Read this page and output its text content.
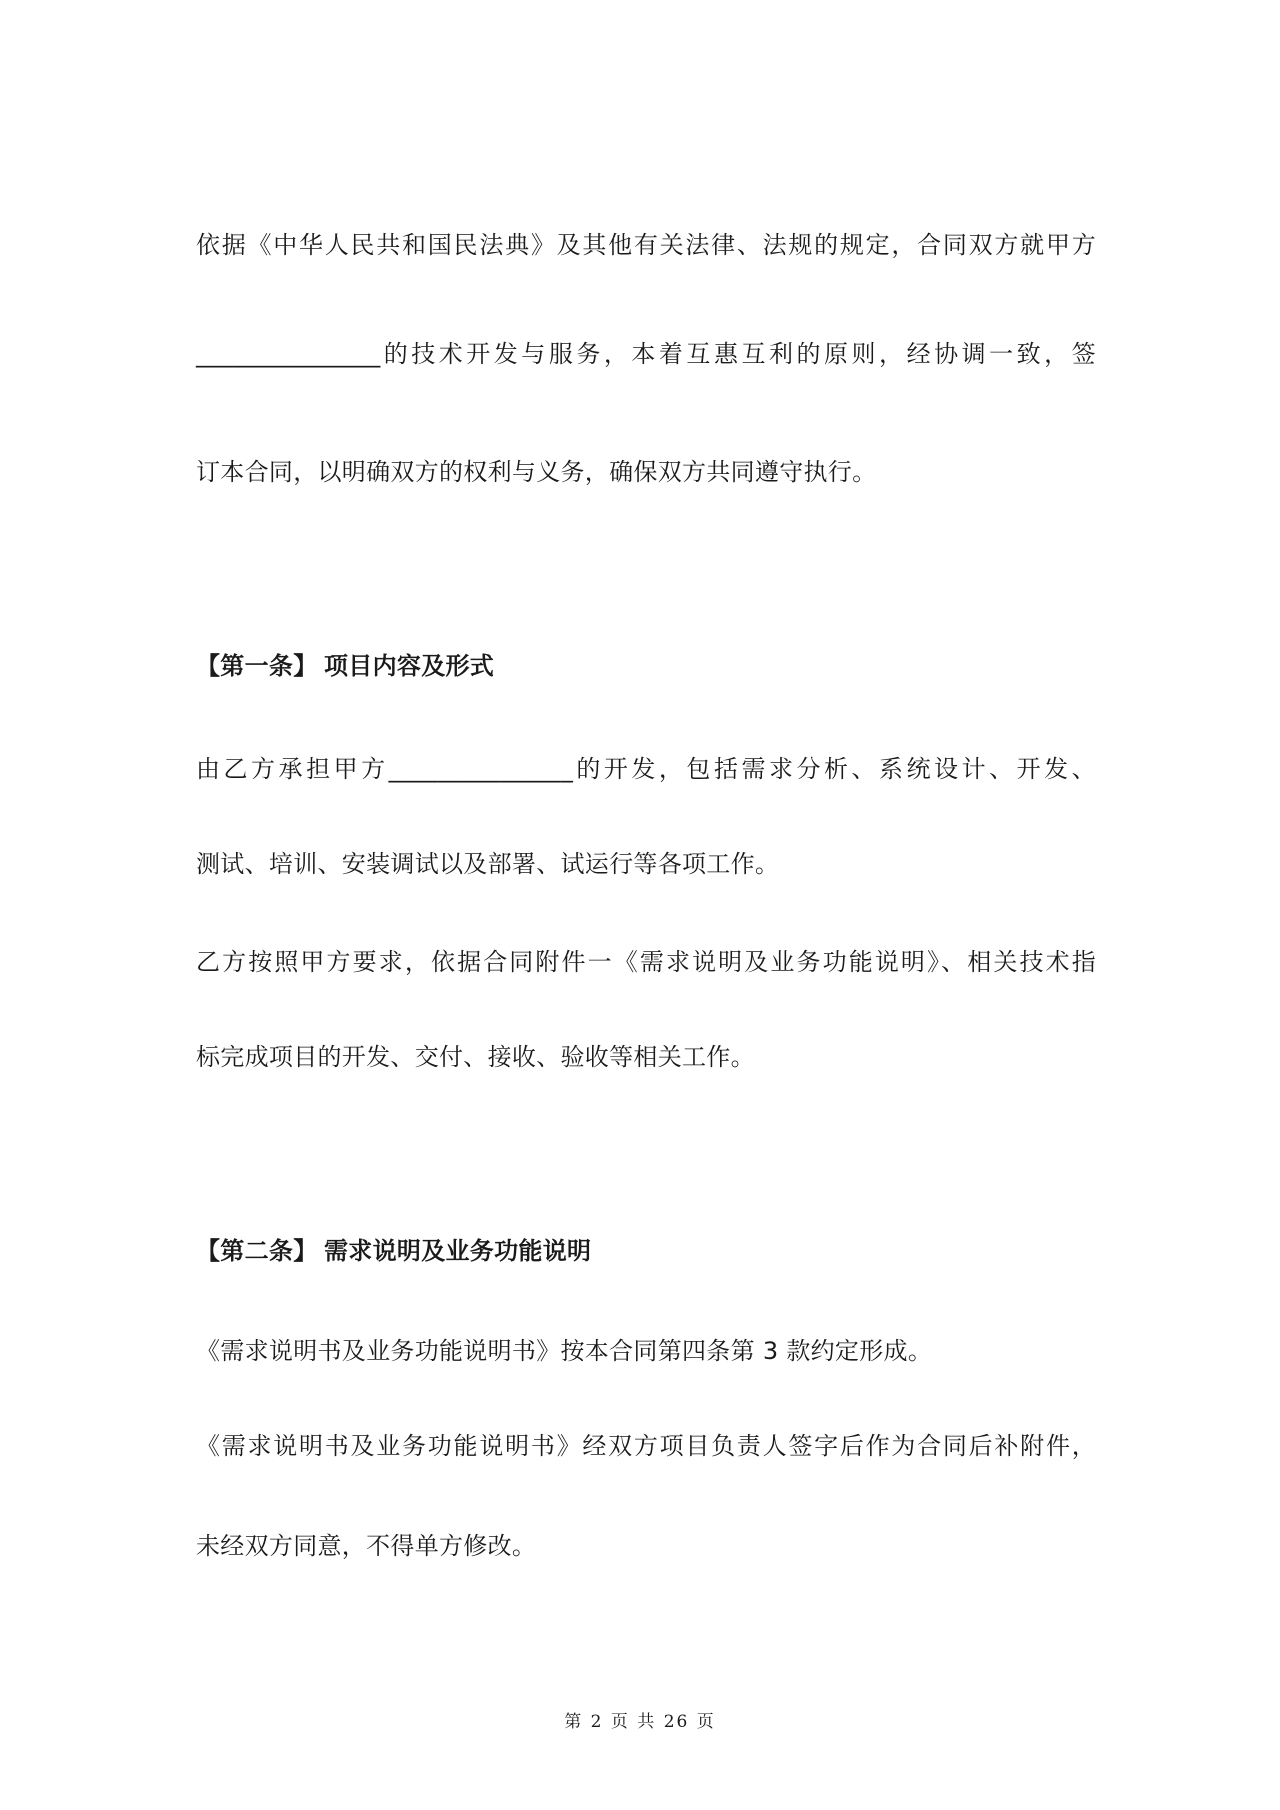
依据《中华人民共和国民法典》及其他有关法律、法规的规定，合同双方就甲方
_______________的技术开发与服务，本着互惠互利的原则，经协调一致，签
订本合同，以明确双方的权利与义务，确保双方共同遵守执行。
【第一条】 项目内容及形式
由乙方承担甲方_______________的开发，包括需求分析、系统设计、开发、
测试、培训、安装调试以及部署、试运行等各项工作。
乙方按照甲方要求，依据合同附件一《需求说明及业务功能说明》、相关技术指
标完成项目的开发、交付、接收、验收等相关工作。
【第二条】 需求说明及业务功能说明
《需求说明书及业务功能说明书》按本合同第四条第 3 款约定形成。
《需求说明书及业务功能说明书》经双方项目负责人签字后作为合同后补附件，
未经双方同意，不得单方修改。
第 2 页 共 26 页
